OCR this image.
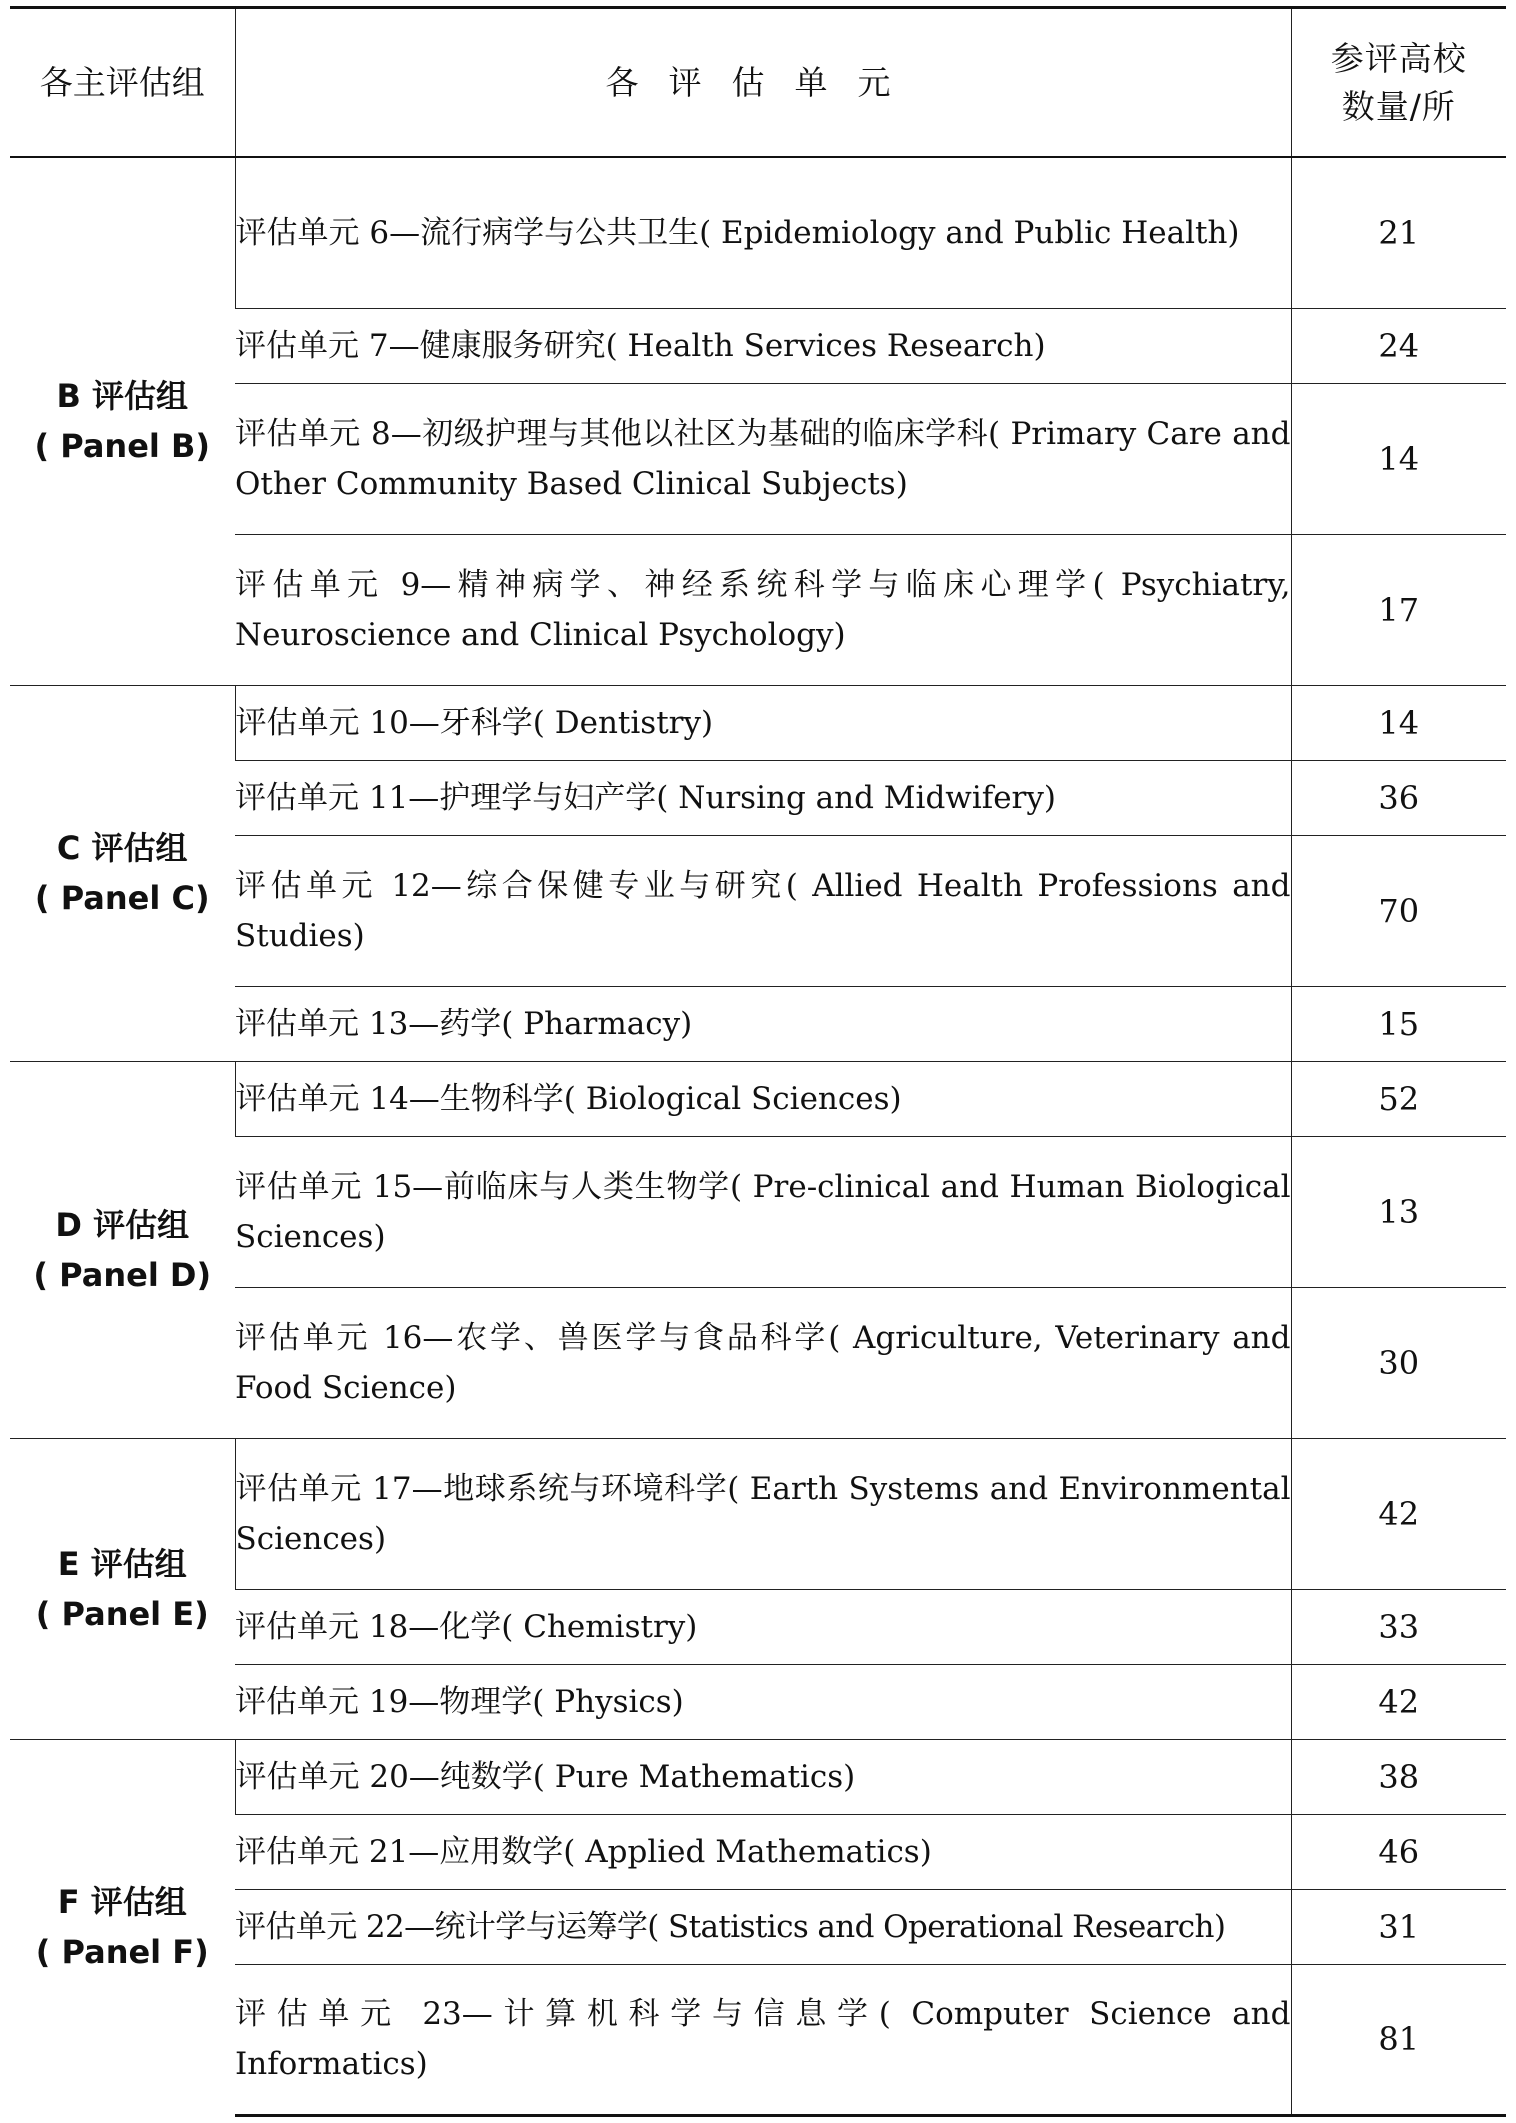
各主评估组	各评估单元	参评高校
数量/所

B 评估组
( Panel B)	评估单元 6—流行病学与公共卫生( Epidemiology and Public Health)	21
	评估单元 7—健康服务研究( Health Services Research)	24
	评估单元 8—初级护理与其他以社区为基础的临床学科( Primary Care and Other Community Based Clinical Subjects)	14
	评估单元 9—精神病学、神经系统科学与临床心理学( Psychiatry, Neuroscience and Clinical Psychology)	17

C 评估组
( Panel C)	评估单元 10—牙科学( Dentistry)	14
	评估单元 11—护理学与妇产学( Nursing and Midwifery)	36
	评估单元 12—综合保健专业与研究( Allied Health Professions and Studies)	70
	评估单元 13—药学( Pharmacy)	15

D 评估组
( Panel D)	评估单元 14—生物科学( Biological Sciences)	52
	评估单元 15—前临床与人类生物学( Pre-clinical and Human Biological Sciences)	13
	评估单元 16—农学、兽医学与食品科学( Agriculture, Veterinary and Food Science)	30

E 评估组
( Panel E)	评估单元 17—地球系统与环境科学( Earth Systems and Environmental Sciences)	42
	评估单元 18—化学( Chemistry)	33
	评估单元 19—物理学( Physics)	42

F 评估组
( Panel F)	评估单元 20—纯数学( Pure Mathematics)	38
	评估单元 21—应用数学( Applied Mathematics)	46
	评估单元 22—统计学与运筹学( Statistics and Operational Research)	31
	评估单元 23—计算机科学与信息学( Computer Science and Informatics)	81
